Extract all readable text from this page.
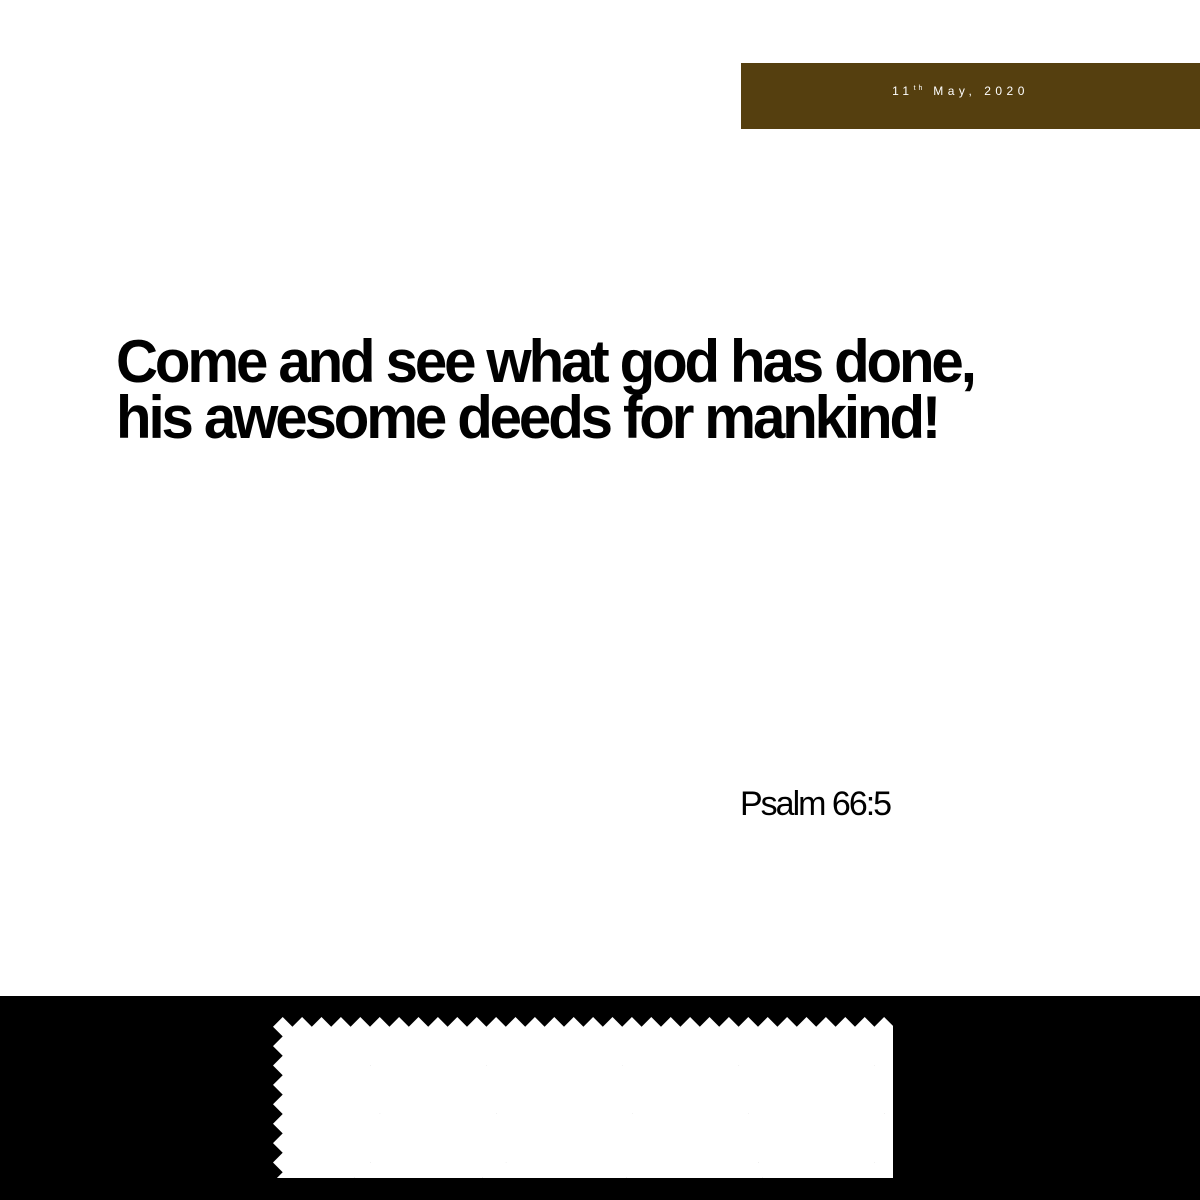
11th May, 2020
Come and see what god has done,
his awesome deeds for mankind!
Psalm 66:5
